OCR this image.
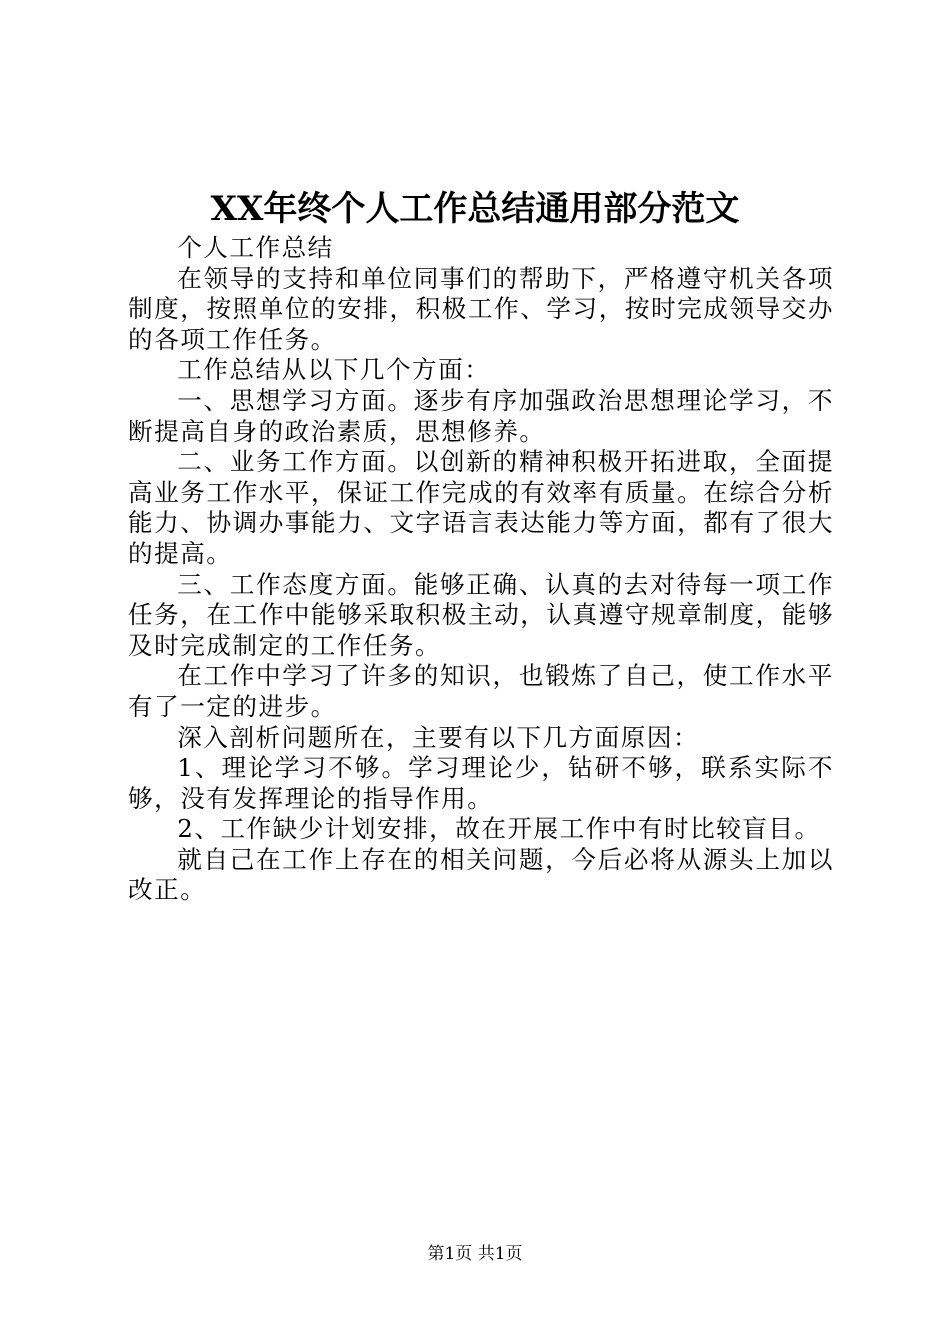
XX年终个人工作总结通用部分范文

个人工作总结

在领导的支持和单位同事们的帮助下，严格遵守机关各项制度，按照单位的安排，积极工作、学习，按时完成领导交办的各项工作任务。

工作总结从以下几个方面：

一、思想学习方面。逐步有序加强政治思想理论学习，不断提高自身的政治素质，思想修养。

二、业务工作方面。以创新的精神积极开拓进取，全面提高业务工作水平，保证工作完成的有效率有质量。在综合分析能力、协调办事能力、文字语言表达能力等方面，都有了很大的提高。

三、工作态度方面。能够正确、认真的去对待每一项工作任务，在工作中能够采取积极主动，认真遵守规章制度，能够及时完成制定的工作任务。

在工作中学习了许多的知识，也锻炼了自己，使工作水平有了一定的进步。

深入剖析问题所在，主要有以下几方面原因：

1、理论学习不够。学习理论少，钻研不够，联系实际不够，没有发挥理论的指导作用。

2、工作缺少计划安排，故在开展工作中有时比较盲目。

就自己在工作上存在的相关问题，今后必将从源头上加以改正。

第1页 共1页
